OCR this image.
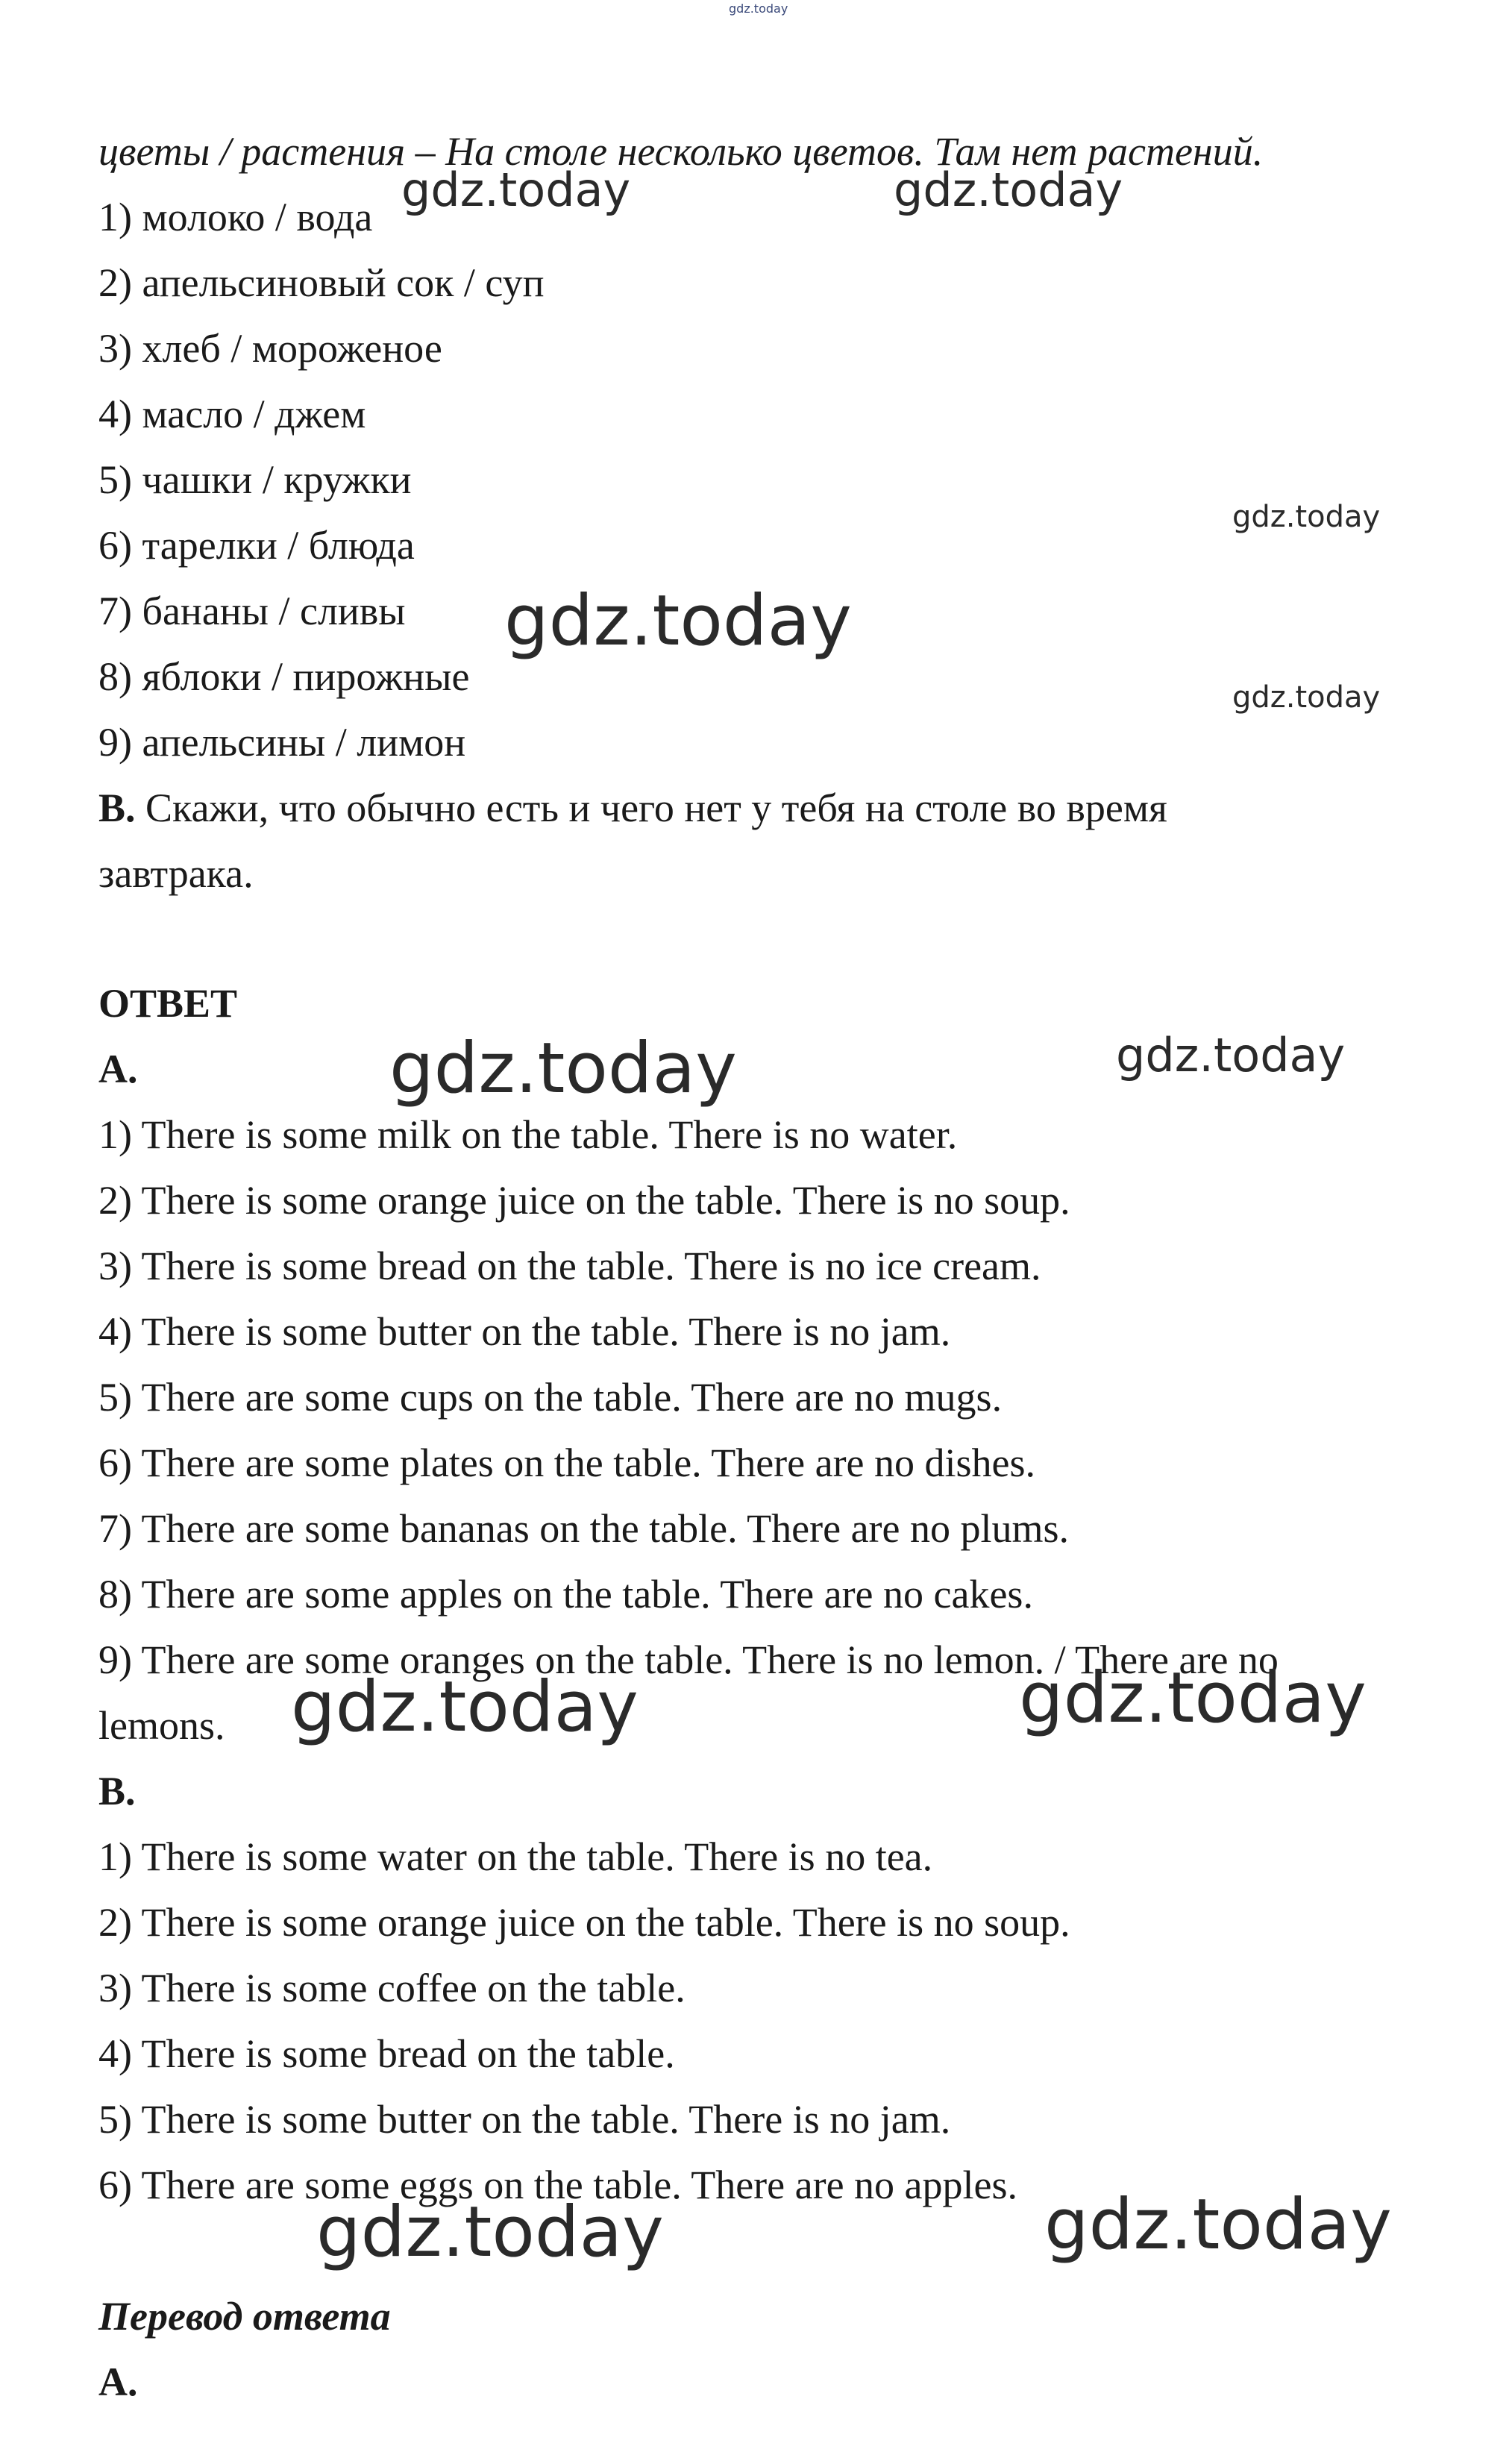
gdz.today
цветы / растения – На столе несколько цветов. Там нет растений.
1) молоко / вода
2) апельсиновый сок / суп
3) хлеб / мороженое
4) масло / джем
5) чашки / кружки
6) тарелки / блюда
7) бананы / сливы
8) яблоки / пирожные
9) апельсины / лимон
B. Скажи, что обычно есть и чего нет у тебя на столе во время
завтрака.
ОТВЕТ
A.
1) There is some milk on the table. There is no water.
2) There is some orange juice on the table. There is no soup.
3) There is some bread on the table. There is no ice cream.
4) There is some butter on the table. There is no jam.
5) There are some cups on the table. There are no mugs.
6) There are some plates on the table. There are no dishes.
7) There are some bananas on the table. There are no plums.
8) There are some apples on the table. There are no cakes.
9) There are some oranges on the table. There is no lemon. / There are no
lemons.
B.
1) There is some water on the table. There is no tea.
2) There is some orange juice on the table. There is no soup.
3) There is some coffee on the table.
4) There is some bread on the table.
5) There is some butter on the table. There is no jam.
6) There are some eggs on the table. There are no apples.
Перевод ответа
A.
gdz.today	gdz.today
gdz.today
gdz.today
gdz.today
gdz.today	gdz.today
gdz.today	gdz.today
gdz.today	gdz.today
